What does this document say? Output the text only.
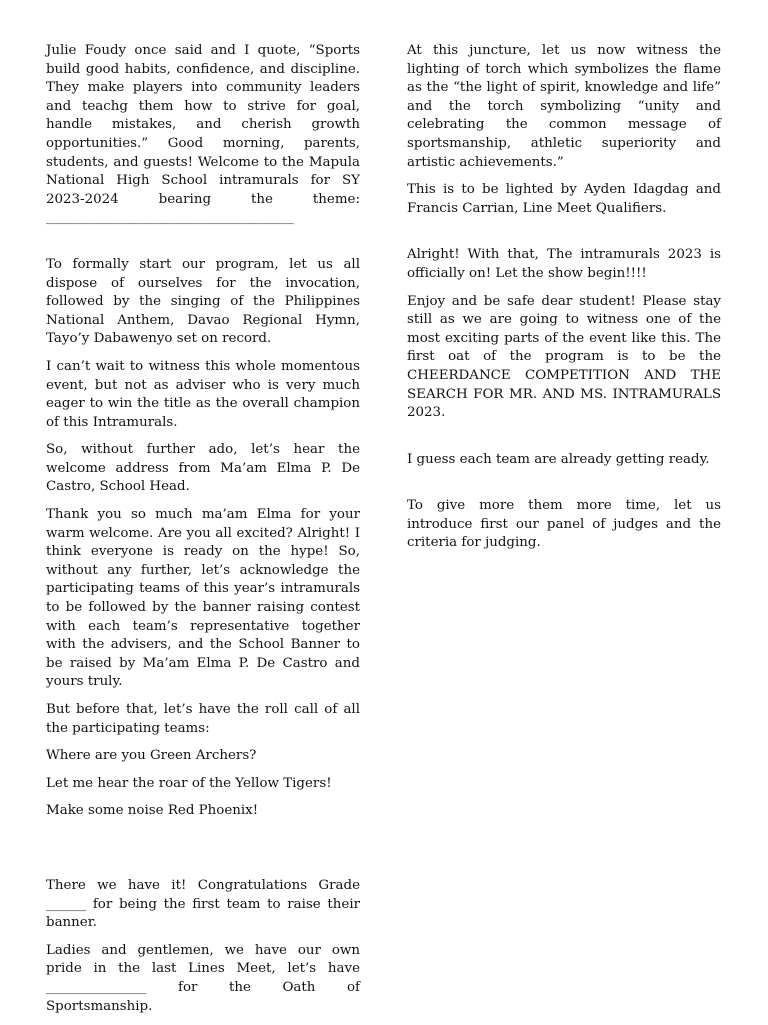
Julie Foudy once said and I quote, “Sports build good habits, confidence, and discipline. They make players into community leaders and teachg them how to strive for goal, handle mistakes, and cherish growth opportunities.” Good morning, parents, students, and guests! Welcome to the Mapula National High School intramurals for SY 2023-2024 bearing the theme: _____________________________________

To formally start our program, let us all dispose of ourselves for the invocation, followed by the singing of the Philippines National Anthem, Davao Regional Hymn, Tayo’y Dabawenyo set on record.

I can’t wait to witness this whole momentous event, but not as adviser who is very much eager to win the title as the overall champion of this Intramurals.

So, without further ado, let’s hear the welcome address from Ma’am Elma P. De Castro, School Head.

Thank you so much ma’am Elma for your warm welcome. Are you all excited? Alright! I think everyone is ready on the hype! So, without any further, let’s acknowledge the participating teams of this year’s intramurals to be followed by the banner raising contest with each team’s representative together with the advisers, and the School Banner to be raised by Ma’am Elma P. De Castro and yours truly.

But before that, let’s have the roll call of all the participating teams:

Where are you Green Archers?

Let me hear the roar of the Yellow Tigers!

Make some noise Red Phoenix!

There we have it! Congratulations Grade ______ for being the first team to raise their banner.

Ladies and gentlemen, we have our own pride in the last Lines Meet, let’s have _______________ for the Oath of Sportsmanship.

At this juncture, let us now witness the lighting of torch which symbolizes the flame as the “the light of spirit, knowledge and life” and the torch symbolizing “unity and celebrating the common message of sportsmanship, athletic superiority and artistic achievements.”

This is to be lighted by Ayden Idagdag and Francis Carrian, Line Meet Qualifiers.

Alright! With that, The intramurals 2023 is officially on! Let the show begin!!!!

Enjoy and be safe dear student! Please stay still as we are going to witness one of the most exciting parts of the event like this. The first oat of the program is to be the CHEERDANCE COMPETITION AND THE SEARCH FOR MR. AND MS. INTRAMURALS 2023.

I guess each team are already getting ready.

To give more them more time, let us introduce first our panel of judges and the criteria for judging.
